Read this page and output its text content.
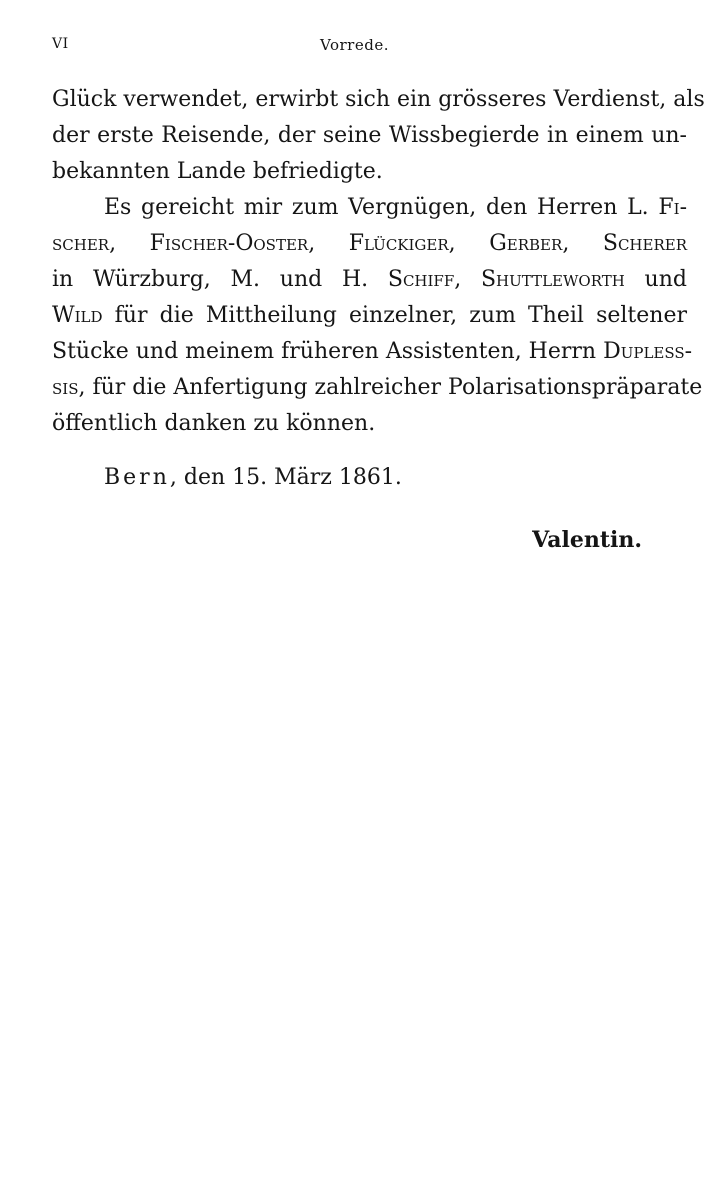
VI	Vorrede.

Glück verwendet, erwirbt sich ein grösseres Verdienst, als
der erste Reisende, der seine Wissbegierde in einem un-
bekannten Lande befriedigte.

Es gereicht mir zum Vergnügen, den Herren L. Fi-
scher, Fischer-Ooster, Flückiger, Gerber, Scherer
in Würzburg, M. und H. Schiff, Shuttleworth und
Wild für die Mittheilung einzelner, zum Theil seltener
Stücke und meinem früheren Assistenten, Herrn Dupless-
sis, für die Anfertigung zahlreicher Polarisationspräparate
öffentlich danken zu können.

Bern, den 15. März 1861.

Valentin.
